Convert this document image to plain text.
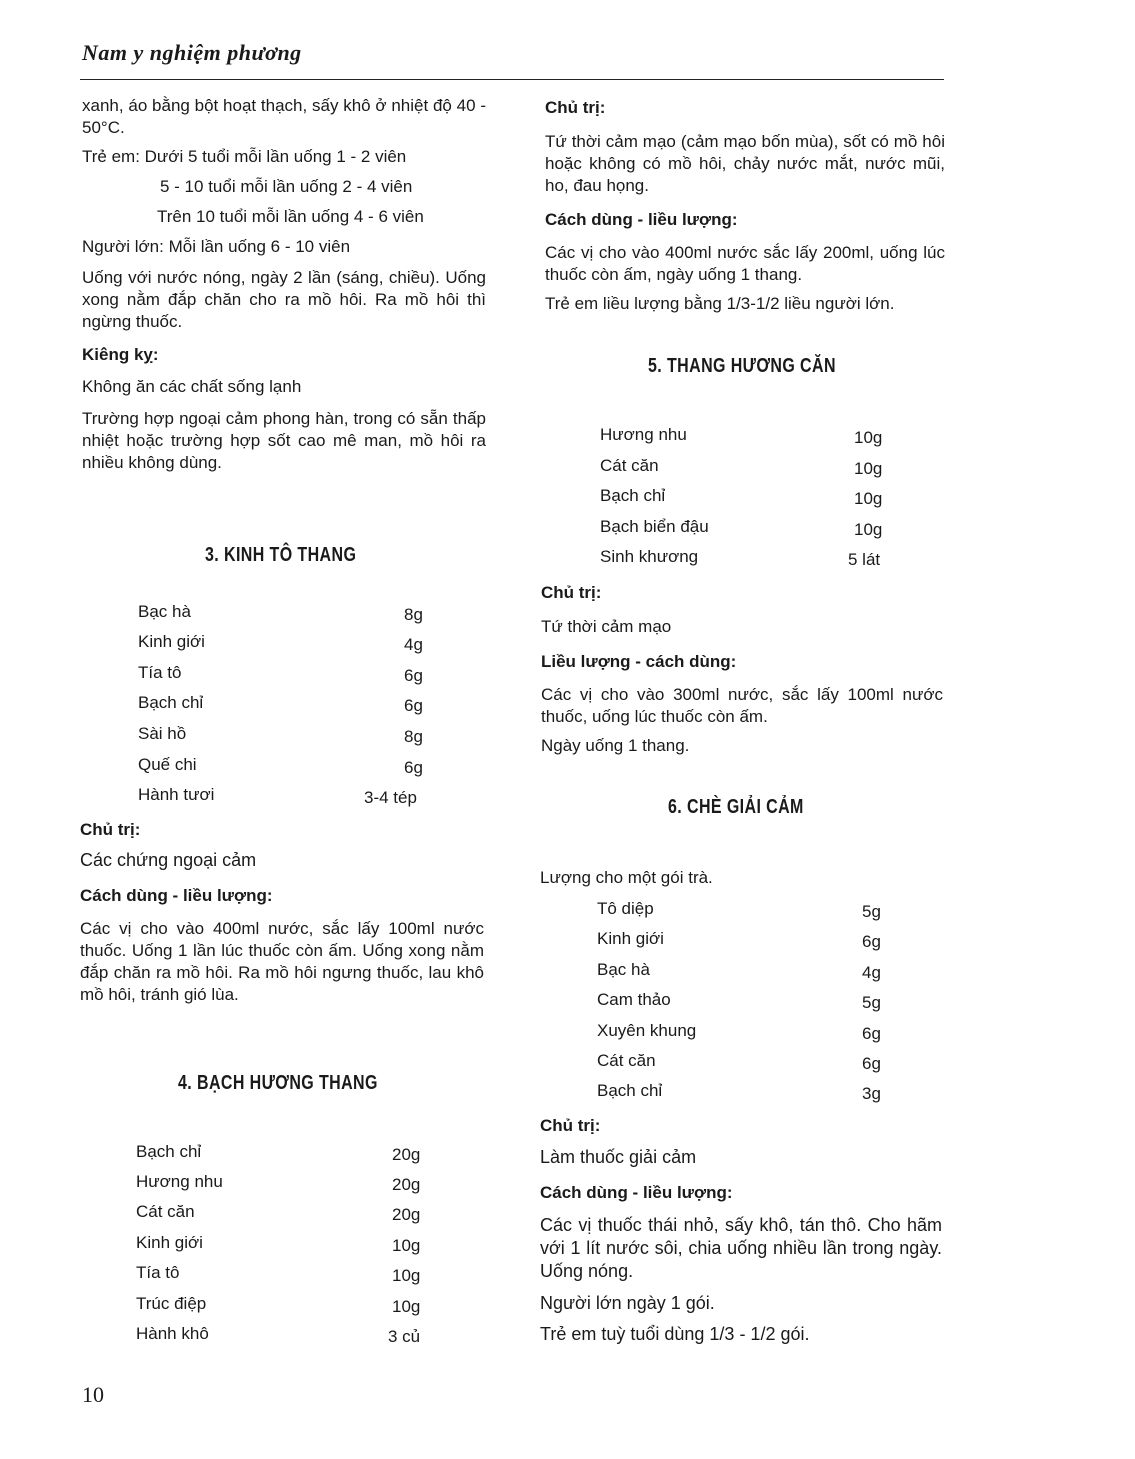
Nam y nghiệm phương

xanh, áo bằng bột hoạt thạch, sấy khô ở nhiệt độ 40 - 50°C.

Trẻ em: Dưới 5 tuổi mỗi lần uống 1 - 2 viên
5 - 10 tuổi mỗi lần uống 2 - 4 viên
Trên 10 tuổi mỗi lần uống 4 - 6 viên
Người lớn: Mỗi lần uống 6 - 10 viên

Uống với nước nóng, ngày 2 lần (sáng, chiều). Uống xong nằm đắp chăn cho ra mồ hôi. Ra mồ hôi thì ngừng thuốc.

Kiêng kỵ:
Không ăn các chất sống lạnh

Trường hợp ngoại cảm phong hàn, trong có sẵn thấp nhiệt hoặc trường hợp sốt cao mê man, mồ hôi ra nhiều không dùng.

3. KINH TÔ THANG
Bạc hà	8g
Kinh giới	4g
Tía tô	6g
Bạch chỉ	6g
Sài hồ	8g
Quế chi	6g
Hành tươi	3-4 tép
Chủ trị:
Các chứng ngoại cảm
Cách dùng - liều lượng:

Các vị cho vào 400ml nước, sắc lấy 100ml nước thuốc. Uống 1 lần lúc thuốc còn ấm. Uống xong nằm đắp chăn ra mồ hôi. Ra mồ hôi ngưng thuốc, lau khô mồ hôi, tránh gió lùa.

4. BẠCH HƯƠNG THANG
Bạch chỉ	20g
Hương nhu	20g
Cát căn	20g
Kinh giới	10g
Tía tô	10g
Trúc điệp	10g
Hành khô	3 củ
Chủ trị:

Tứ thời cảm mạo (cảm mạo bốn mùa), sốt có mồ hôi hoặc không có mồ hôi, chảy nước mắt, nước mũi, ho, đau họng.

Cách dùng - liều lượng:

Các vị cho vào 400ml nước sắc lấy 200ml, uống lúc thuốc còn ấm, ngày uống 1 thang.

Trẻ em liều lượng bằng 1/3-1/2 liều người lớn.
5. THANG HƯƠNG CĂN
Hương nhu	10g
Cát căn	10g
Bạch chỉ	10g
Bạch biển đậu	10g
Sinh khương	5 lát
Chủ trị:
Tứ thời cảm mạo
Liều lượng - cách dùng:

Các vị cho vào 300ml nước, sắc lấy 100ml nước thuốc, uống lúc thuốc còn ấm.

Ngày uống 1 thang.
6. CHÈ GIẢI CẢM
Lượng cho một gói trà.
Tô diệp	5g
Kinh giới	6g
Bạc hà	4g
Cam thảo	5g
Xuyên khung	6g
Cát căn	6g
Bạch chỉ	3g
Chủ trị:
Làm thuốc giải cảm
Cách dùng - liều lượng:

Các vị thuốc thái nhỏ, sấy khô, tán thô. Cho hãm với 1 lít nước sôi, chia uống nhiều lần trong ngày. Uống nóng.

Người lớn ngày 1 gói.
Trẻ em tuỳ tuổi dùng 1/3 - 1/2 gói.
10
